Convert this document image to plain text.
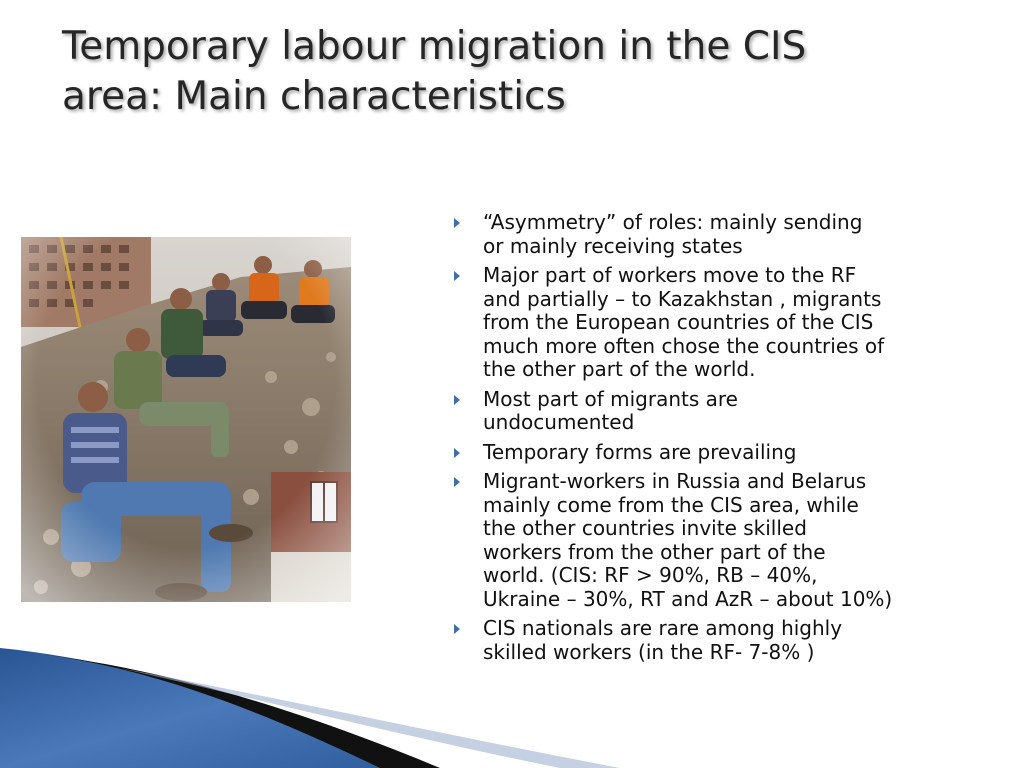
Temporary labour migration in the CIS
area: Main characteristics
“Asymmetry” of roles: mainly sending
or mainly receiving states
Major part of workers move to the RF
and partially – to Kazakhstan , migrants
from the European countries of the CIS
much more often chose the countries of
the other part of the world.
Most part of migrants are
undocumented
Temporary forms are prevailing
Migrant-workers in Russia and Belarus
mainly come from the CIS area, while
the other countries invite skilled
workers from the other part of the
world. (CIS: RF > 90%, RB – 40%,
Ukraine – 30%, RT and AzR – about 10%)
CIS nationals are rare among highly
skilled workers (in the RF- 7-8% )
